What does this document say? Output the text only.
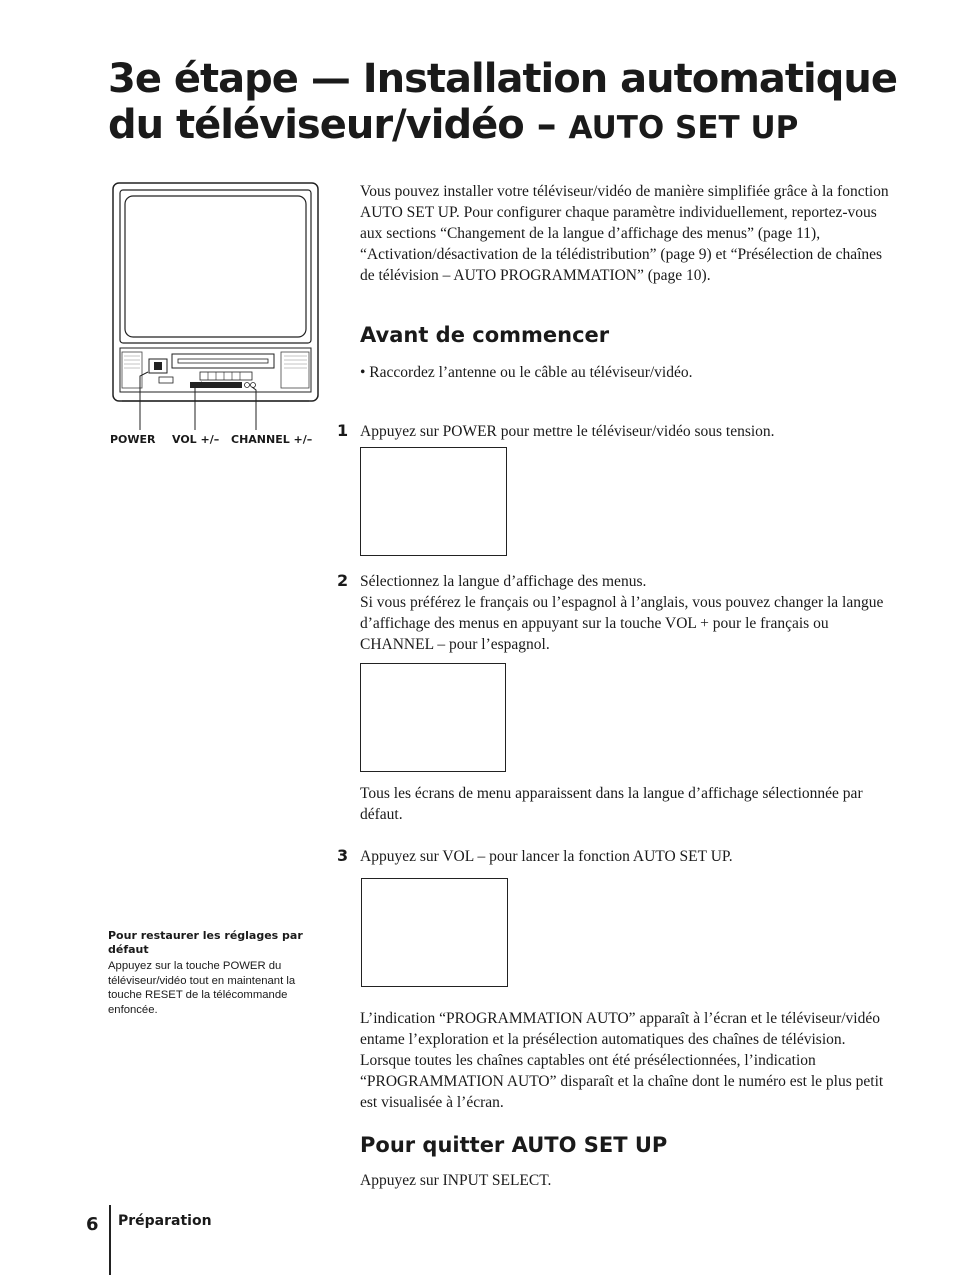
3e étape — Installation automatique
du téléviseur/vidéo – AUTO SET UP
POWER VOL +/– CHANNEL +/–

Vous pouvez installer votre téléviseur/vidéo de manière simplifiée grâce à la fonction AUTO SET UP. Pour configurer chaque paramètre individuellement, reportez-vous aux sections “Changement de la langue d’affichage des menus” (page 11), “Activation/désactivation de la télédistribution” (page 9) et “Présélection de chaînes de télévision – AUTO PROGRAMMATION” (page 10).

Avant de commencer

• Raccordez l’antenne ou le câble au téléviseur/vidéo.

1 Appuyez sur POWER pour mettre le téléviseur/vidéo sous tension.

2 Sélectionnez la langue d’affichage des menus.

Si vous préférez le français ou l’espagnol à l’anglais, vous pouvez changer la langue d’affichage des menus en appuyant sur la touche VOL + pour le français ou CHANNEL – pour l’espagnol.

Tous les écrans de menu apparaissent dans la langue d’affichage sélectionnée par défaut.

3 Appuyez sur VOL – pour lancer la fonction AUTO SET UP.

L’indication “PROGRAMMATION AUTO” apparaît à l’écran et le téléviseur/vidéo entame l’exploration et la présélection automatiques des chaînes de télévision. Lorsque toutes les chaînes captables ont été présélectionnées, l’indication “PROGRAMMATION AUTO” disparaît et la chaîne dont le numéro est le plus petit est visualisée à l’écran.

Pour quitter AUTO SET UP

Appuyez sur INPUT SELECT.

Pour restaurer les réglages par défaut

Appuyez sur la touche POWER du téléviseur/vidéo tout en maintenant la touche RESET de la télécommande enfoncée.

6 Préparation
